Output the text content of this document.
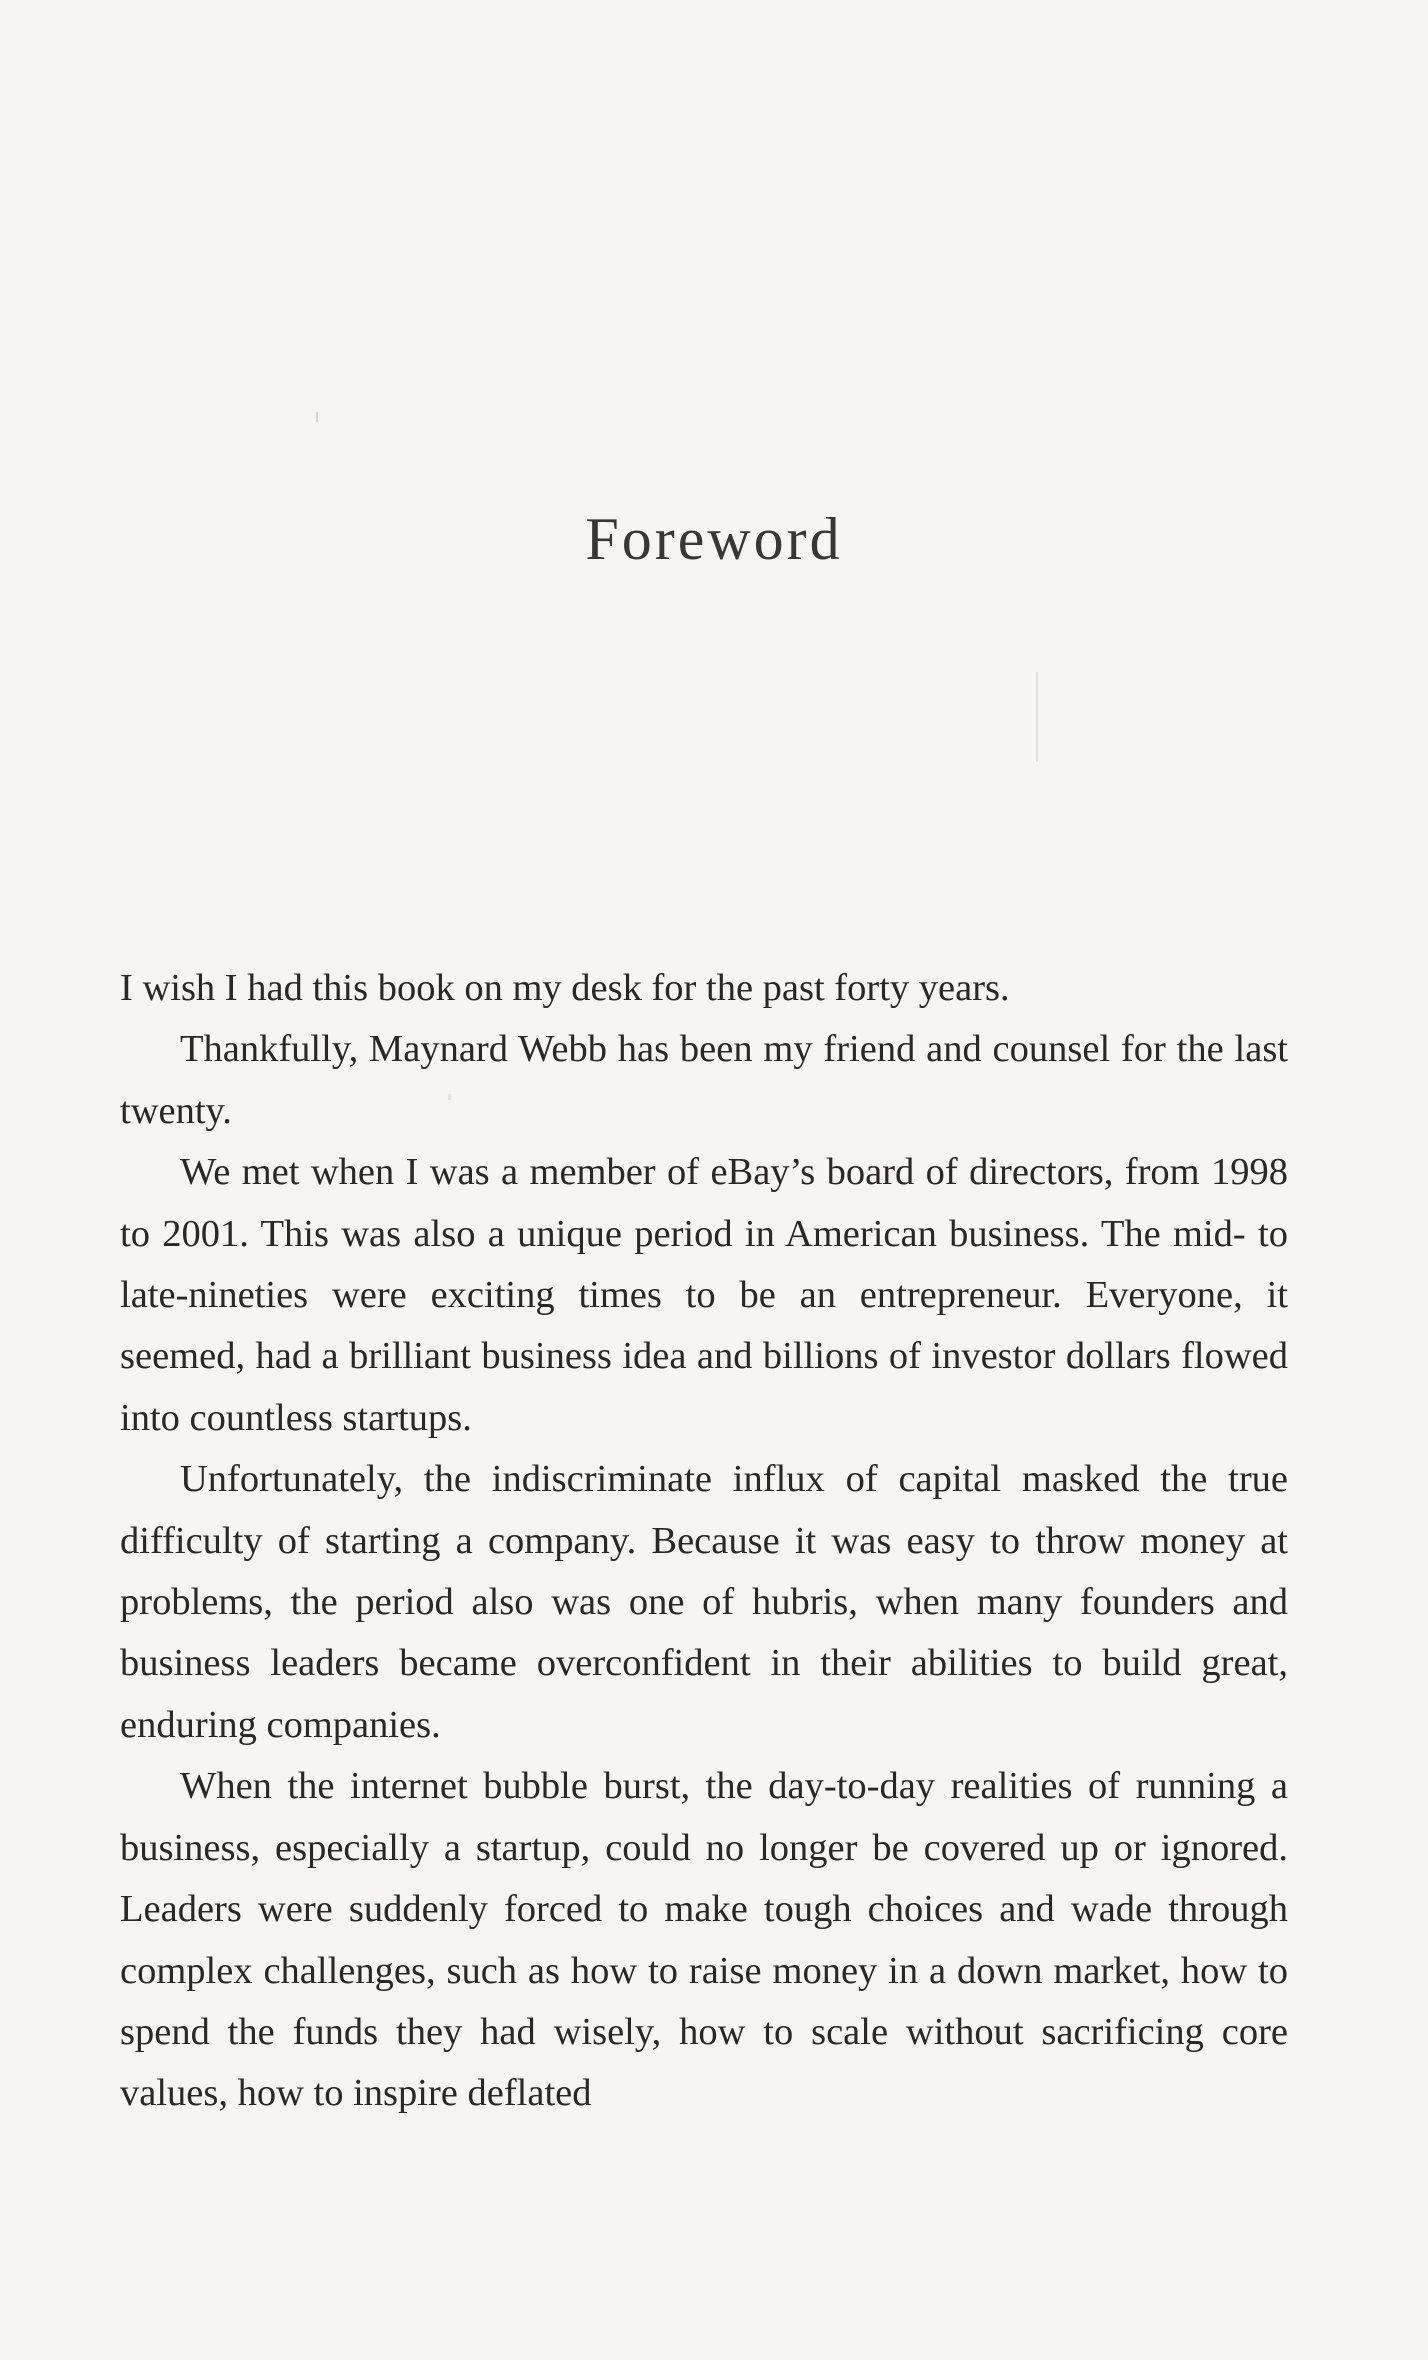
Foreword

I wish I had this book on my desk for the past forty years.

Thankfully, Maynard Webb has been my friend and counsel for the last twenty.

We met when I was a member of eBay’s board of directors, from 1998 to 2001. This was also a unique period in American business. The mid- to late-nineties were exciting times to be an entrepreneur. Everyone, it seemed, had a brilliant business idea and billions of investor dollars flowed into countless startups.

Unfortunately, the indiscriminate influx of capital masked the true difficulty of starting a company. Because it was easy to throw money at problems, the period also was one of hubris, when many founders and business leaders became overconfident in their abilities to build great, enduring companies.

When the internet bubble burst, the day-to-day realities of running a business, especially a startup, could no longer be covered up or ignored. Leaders were suddenly forced to make tough choices and wade through complex challenges, such as how to raise money in a down market, how to spend the funds they had wisely, how to scale without sacrificing core values, how to inspire deflated
